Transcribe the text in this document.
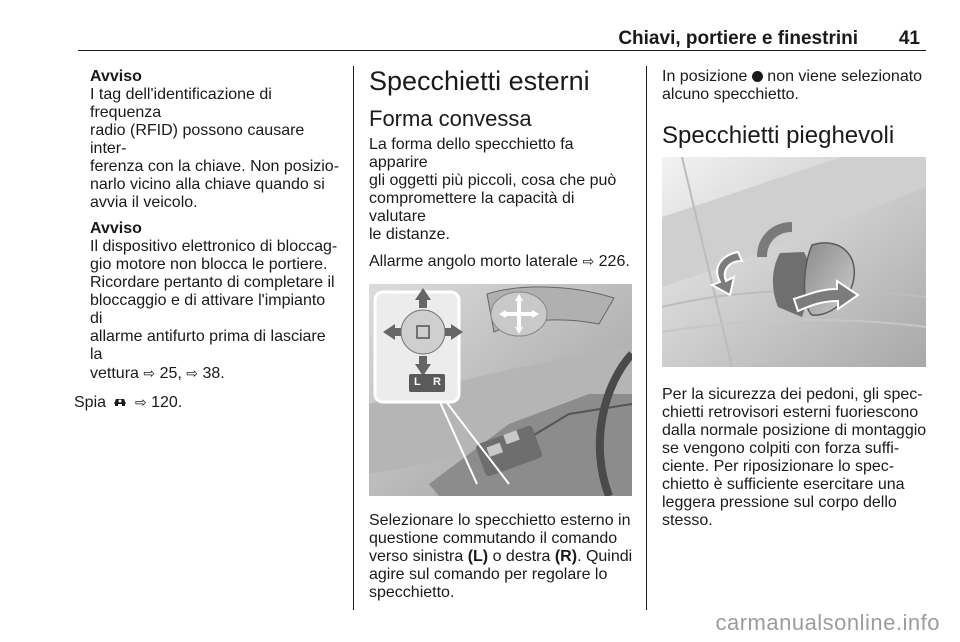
Chiavi, portiere e finestrini 41
Avviso
I tag dell'identificazione di frequenza
radio (RFID) possono causare inter-
ferenza con la chiave. Non posizio-
narlo vicino alla chiave quando si
avvia il veicolo.
Avviso
Il dispositivo elettronico di bloccag-
gio motore non blocca le portiere.
Ricordare pertanto di completare il
bloccaggio e di attivare l'impianto di
allarme antifurto prima di lasciare la
vettura ⇨ 25, ⇨ 38.
Spia ⇨ 120.
Specchietti esterni
Forma convessa
La forma dello specchietto fa apparire
gli oggetti più piccoli, cosa che può
compromettere la capacità di valutare
le distanze.
Allarme angolo morto laterale ⇨ 226.
L R
Selezionare lo specchietto esterno in
questione commutando il comando
verso sinistra (L) o destra (R). Quindi
agire sul comando per regolare lo
specchietto.
In posizione  non viene selezionato
alcuno specchietto.
Specchietti pieghevoli
Per la sicurezza dei pedoni, gli spec-
chietti retrovisori esterni fuoriescono
dalla normale posizione di montaggio
se vengono colpiti con forza suffi-
ciente. Per riposizionare lo spec-
chietto è sufficiente esercitare una
leggera pressione sul corpo dello
stesso.
carmanualsonline.info
